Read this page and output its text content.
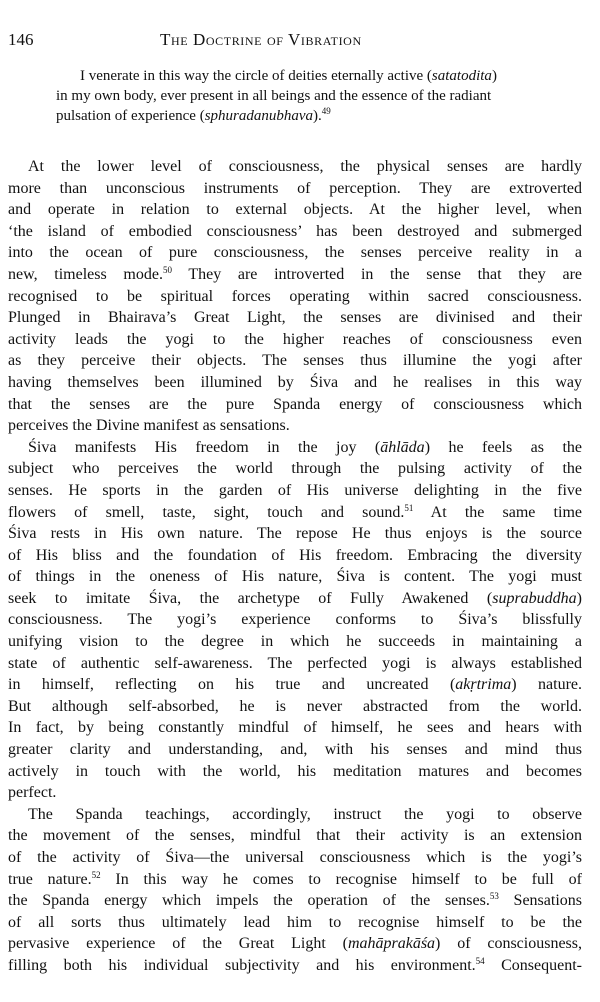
146	The Doctrine of Vibration
I venerate in this way the circle of deities eternally active (satatodita)
in my own body, ever present in all beings and the essence of the radiant
pulsation of experience (sphuradanubhava).$^{49}$
At the lower level of consciousness, the physical senses are hardly
more than unconscious instruments of perception. They are extroverted
and operate in relation to external objects. At the higher level, when
‘the island of embodied consciousness’ has been destroyed and submerged
into the ocean of pure consciousness, the senses perceive reality in a
new, timeless mode.$^{50}$ They are introverted in the sense that they are
recognised to be spiritual forces operating within sacred consciousness.
Plunged in Bhairava’s Great Light, the senses are divinised and their
activity leads the yogi to the higher reaches of consciousness even
as they perceive their objects. The senses thus illumine the yogi after
having themselves been illumined by Śiva and he realises in this way
that the senses are the pure Spanda energy of consciousness which
perceives the Divine manifest as sensations.
Śiva manifests His freedom in the joy (āhlāda) he feels as the
subject who perceives the world through the pulsing activity of the
senses. He sports in the garden of His universe delighting in the five
flowers of smell, taste, sight, touch and sound.$^{51}$ At the same time
Śiva rests in His own nature. The repose He thus enjoys is the source
of His bliss and the foundation of His freedom. Embracing the diversity
of things in the oneness of His nature, Śiva is content. The yogi must
seek to imitate Śiva, the archetype of Fully Awakened (suprabuddha)
consciousness. The yogi’s experience conforms to Śiva’s blissfully
unifying vision to the degree in which he succeeds in maintaining a
state of authentic self-awareness. The perfected yogi is always established
in himself, reflecting on his true and uncreated (akṛtrima) nature.
But although self-absorbed, he is never abstracted from the world.
In fact, by being constantly mindful of himself, he sees and hears with
greater clarity and understanding, and, with his senses and mind thus
actively in touch with the world, his meditation matures and becomes
perfect.
The Spanda teachings, accordingly, instruct the yogi to observe
the movement of the senses, mindful that their activity is an extension
of the activity of Śiva—the universal consciousness which is the yogi’s
true nature.$^{52}$ In this way he comes to recognise himself to be full of
the Spanda energy which impels the operation of the senses.$^{53}$ Sensations
of all sorts thus ultimately lead him to recognise himself to be the
pervasive experience of the Great Light (mahāprakāśa) of consciousness,
filling both his individual subjectivity and his environment.$^{54}$ Consequent-
